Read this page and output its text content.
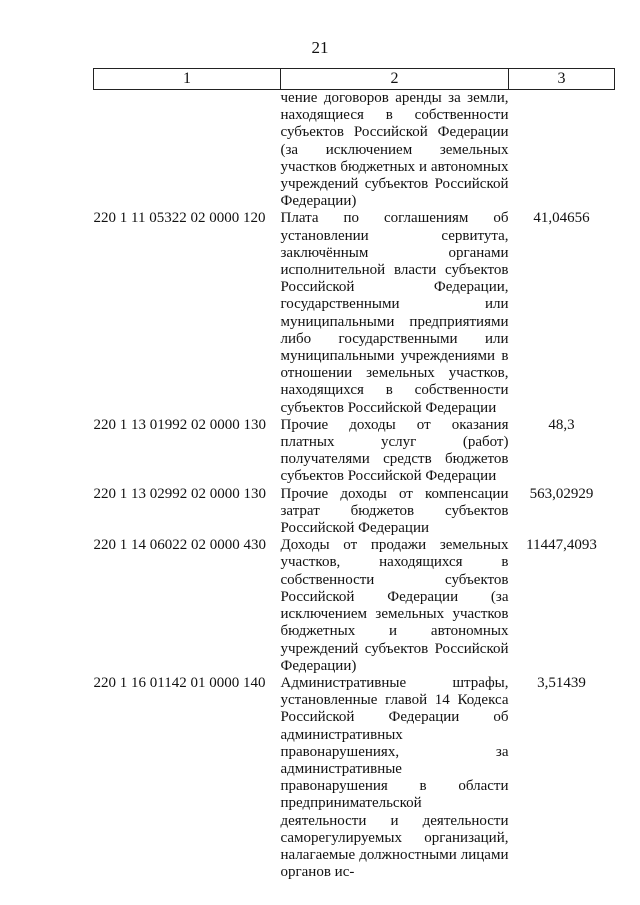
21
1	2	3
	чение договоров аренды за земли, находящиеся в собственности субъектов Российской Федерации (за исключением земельных участков бюджетных и автономных учреждений субъектов Российской Федерации)	
220 1 11 05322 02 0000 120	Плата по соглашениям об установлении сервитута, заключённым органами исполнительной власти субъектов Российской Федерации, государственными или муниципальными предприятиями либо государственными или муниципальными учреждениями в отношении земельных участков, находящихся в собственности субъектов Российской Федерации	41,04656
220 1 13 01992 02 0000 130	Прочие доходы от оказания платных услуг (работ) получателями средств бюджетов субъектов Российской Федерации	48,3
220 1 13 02992 02 0000 130	Прочие доходы от компенсации затрат бюджетов субъектов Российской Федерации	563,02929
220 1 14 06022 02 0000 430	Доходы от продажи земельных участков, находящихся в собственности субъектов Российской Федерации (за исключением земельных участков бюджетных и автономных учреждений субъектов Российской Федерации)	11447,4093
220 1 16 01142 01 0000 140	Административные штрафы, установленные главой 14 Кодекса Российской Федерации об административных правонарушениях, за административные правонарушения в области предпринимательской деятельности и деятельности саморегулируемых организаций, налагаемые должностными лицами органов ис-	3,51439
